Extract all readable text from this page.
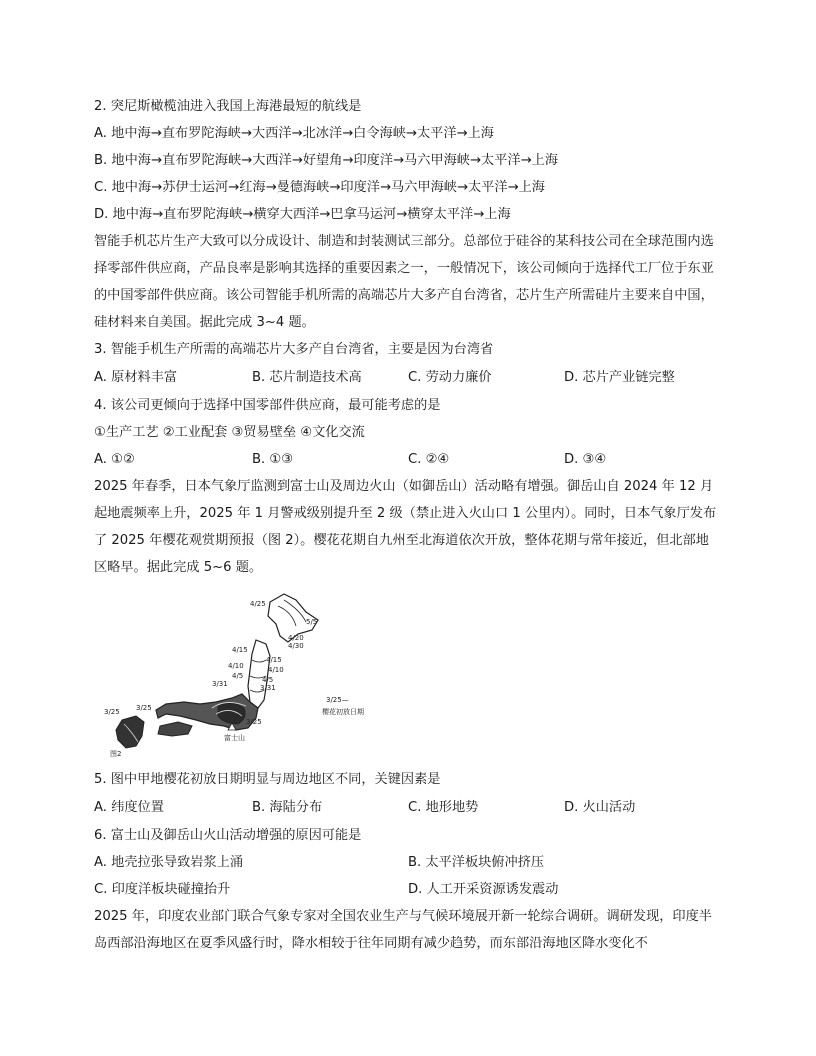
2. 突尼斯橄榄油进入我国上海港最短的航线是
A. 地中海→直布罗陀海峡→大西洋→北冰洋→白令海峡→太平洋→上海
B. 地中海→直布罗陀海峡→大西洋→好望角→印度洋→马六甲海峡→太平洋→上海
C. 地中海→苏伊士运河→红海→曼德海峡→印度洋→马六甲海峡→太平洋→上海
D. 地中海→直布罗陀海峡→横穿大西洋→巴拿马运河→横穿太平洋→上海
智能手机芯片生产大致可以分成设计、制造和封装测试三部分。总部位于硅谷的某科技公司在全球范围内选择零部件供应商，产品良率是影响其选择的重要因素之一，一般情况下，该公司倾向于选择代工厂位于东亚的中国零部件供应商。该公司智能手机所需的高端芯片大多产自台湾省，芯片生产所需硅片主要来自中国，硅材料来自美国。据此完成 3~4 题。
3. 智能手机生产所需的高端芯片大多产自台湾省，主要是因为台湾省
A. 原材料丰富	B. 芯片制造技术高	C. 劳动力廉价	D. 芯片产业链完整
4. 该公司更倾向于选择中国零部件供应商，最可能考虑的是
①生产工艺 ②工业配套 ③贸易壁垒 ④文化交流
A. ①②	B. ①③	C. ②④	D. ③④
2025 年春季，日本气象厅监测到富士山及周边火山（如御岳山）活动略有增强。御岳山自 2024 年 12 月起地震频率上升，2025 年 1 月警戒级别提升至 2 级（禁止进入火山口 1 公里内）。同时，日本气象厅发布了 2025 年樱花观赏期预报（图 2）。樱花花期自九州至北海道依次开放，整体花期与常年接近，但北部地区略早。据此完成 5~6 题。
4/25
5/5
4/20
4/30
4/15
4/15
4/10	4/10
4/5	4/5
3/31	3/31
3/25 3/25
3/25
富士山
3/25—
樱花初放日期
图2
5. 图中甲地樱花初放日期明显与周边地区不同，关键因素是
A. 纬度位置	B. 海陆分布	C. 地形地势	D. 火山活动
6. 富士山及御岳山火山活动增强的原因可能是
A. 地壳拉张导致岩浆上涌	B. 太平洋板块俯冲挤压
C. 印度洋板块碰撞抬升	D. 人工开采资源诱发震动
2025 年，印度农业部门联合气象专家对全国农业生产与气候环境展开新一轮综合调研。调研发现，印度半岛西部沿海地区在夏季风盛行时，降水相较于往年同期有减少趋势，而东部沿海地区降水变化不
